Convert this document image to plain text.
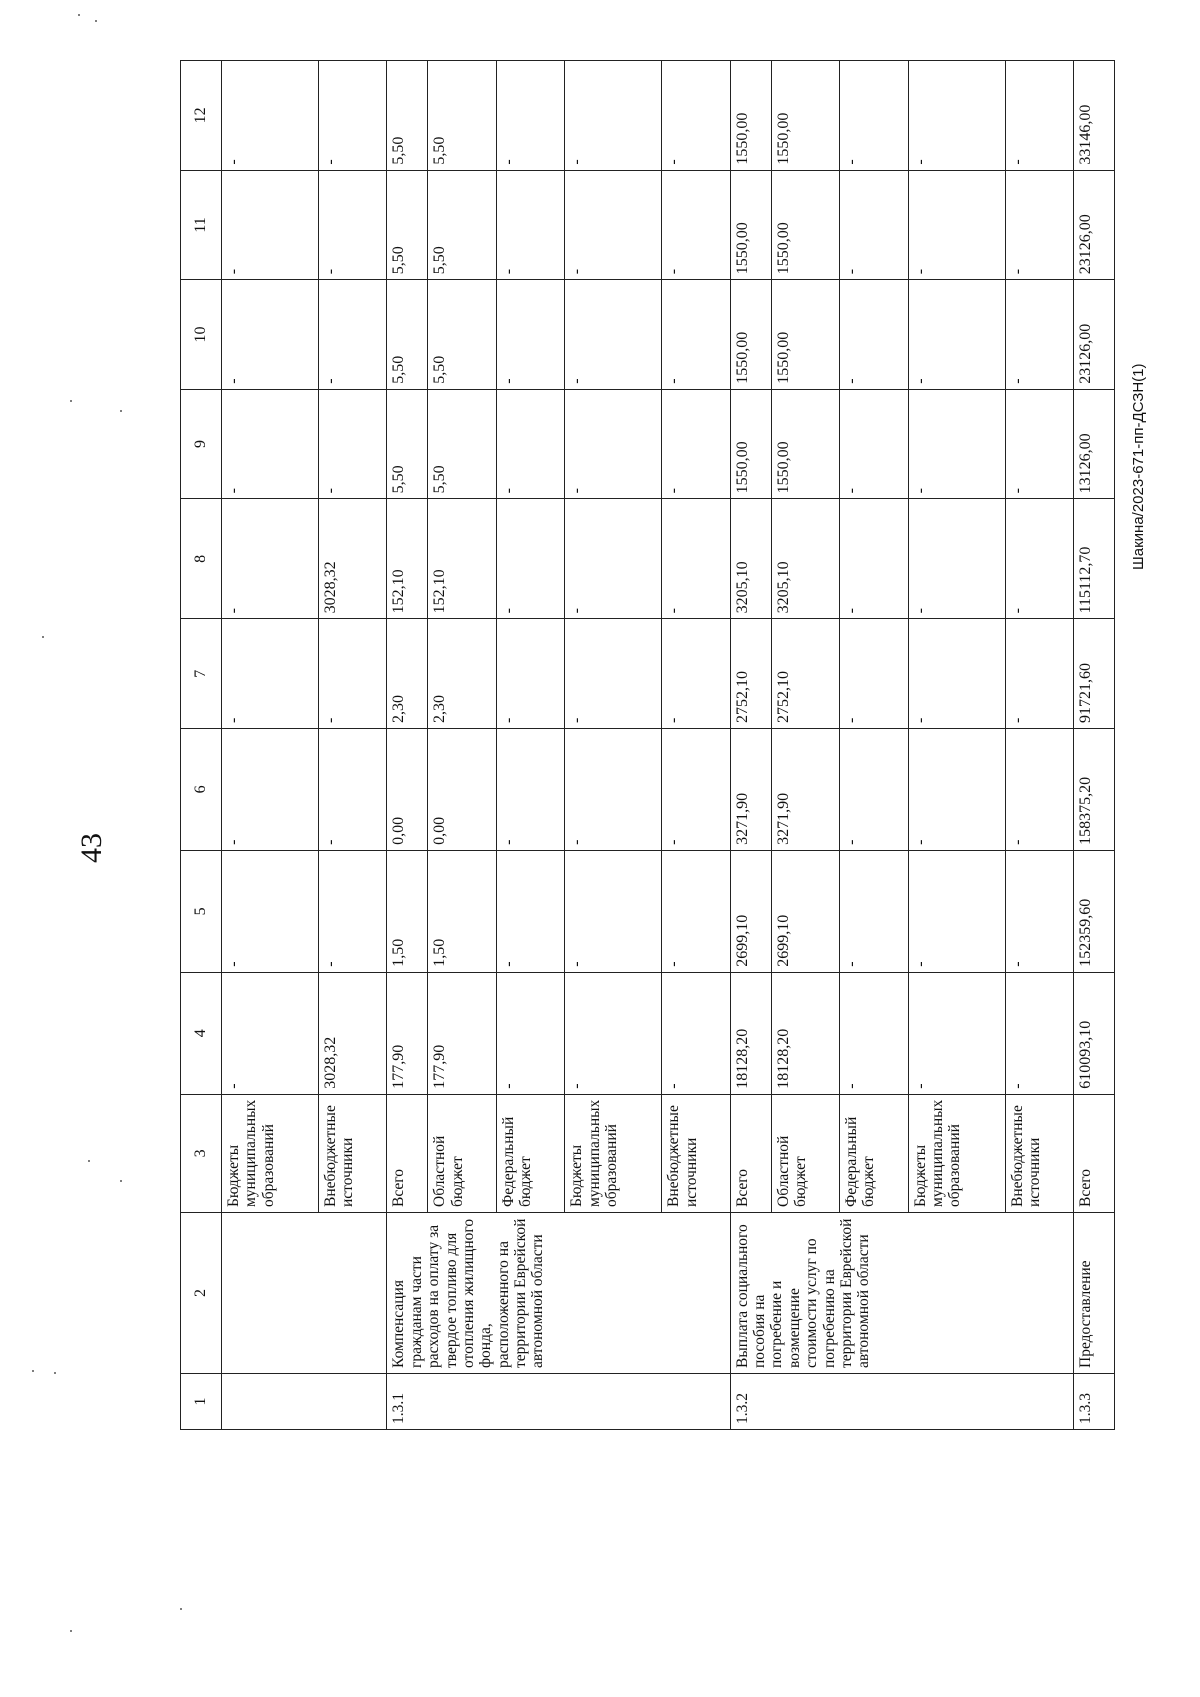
43
Шакина/2023-671-пп-ДСЗН(1)
1	2	3	4	5	6	7	8	9	10	11	12
		Бюджеты муниципальных образований	-	-	-	-	-	-	-	-	-
		Внебюджетные источники	3028,32	-	-	-	3028,32	-	-	-	-
1.3.1	Компенсация гражданам части расходов на оплату за твердое топливо для отопления жилищного фонда, расположенного на территории Еврейской автономной области	Всего	177,90	1,50	0,00	2,30	152,10	5,50	5,50	5,50	5,50
		Областной бюджет	177,90	1,50	0,00	2,30	152,10	5,50	5,50	5,50	5,50
		Федеральный бюджет	-	-	-	-	-	-	-	-	-
		Бюджеты муниципальных образований	-	-	-	-	-	-	-	-	-
		Внебюджетные источники	-	-	-	-	-	-	-	-	-
1.3.2	Выплата социального пособия на погребение и возмещение стоимости услуг по погребению на территории Еврейской автономной области	Всего	18128,20	2699,10	3271,90	2752,10	3205,10	1550,00	1550,00	1550,00	1550,00
		Областной бюджет	18128,20	2699,10	3271,90	2752,10	3205,10	1550,00	1550,00	1550,00	1550,00
		Федеральный бюджет	-	-	-	-	-	-	-	-	-
		Бюджеты муниципальных образований	-	-	-	-	-	-	-	-	-
		Внебюджетные источники	-	-	-	-	-	-	-	-	-
1.3.3	Предоставление	Всего	610093,10	152359,60	158375,20	91721,60	115112,70	13126,00	23126,00	23126,00	33146,00
